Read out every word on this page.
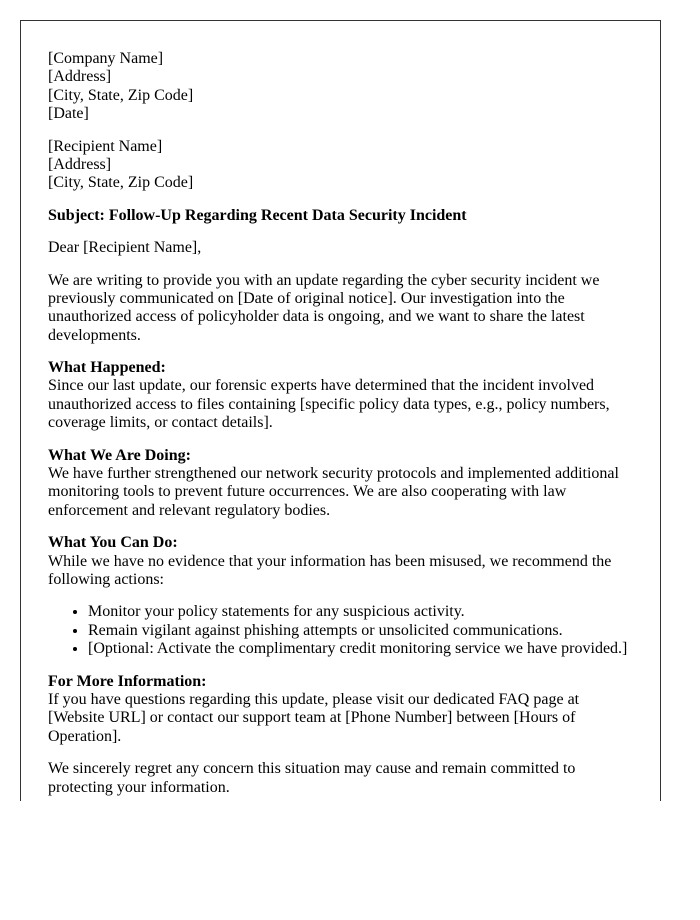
[Company Name]
[Address]
[City, State, Zip Code]
[Date]

[Recipient Name]
[Address]
[City, State, Zip Code]

Subject: Follow-Up Regarding Recent Data Security Incident

Dear [Recipient Name],

We are writing to provide you with an update regarding the cyber security incident we previously communicated on [Date of original notice]. Our investigation into the unauthorized access of policyholder data is ongoing, and we want to share the latest developments.

What Happened:
Since our last update, our forensic experts have determined that the incident involved unauthorized access to files containing [specific policy data types, e.g., policy numbers, coverage limits, or contact details].

What We Are Doing:
We have further strengthened our network security protocols and implemented additional monitoring tools to prevent future occurrences. We are also cooperating with law enforcement and relevant regulatory bodies.

What You Can Do:
While we have no evidence that your information has been misused, we recommend the following actions:

• Monitor your policy statements for any suspicious activity.
• Remain vigilant against phishing attempts or unsolicited communications.
• [Optional: Activate the complimentary credit monitoring service we have provided.]

For More Information:
If you have questions regarding this update, please visit our dedicated FAQ page at [Website URL] or contact our support team at [Phone Number] between [Hours of Operation].

We sincerely regret any concern this situation may cause and remain committed to protecting your information.
